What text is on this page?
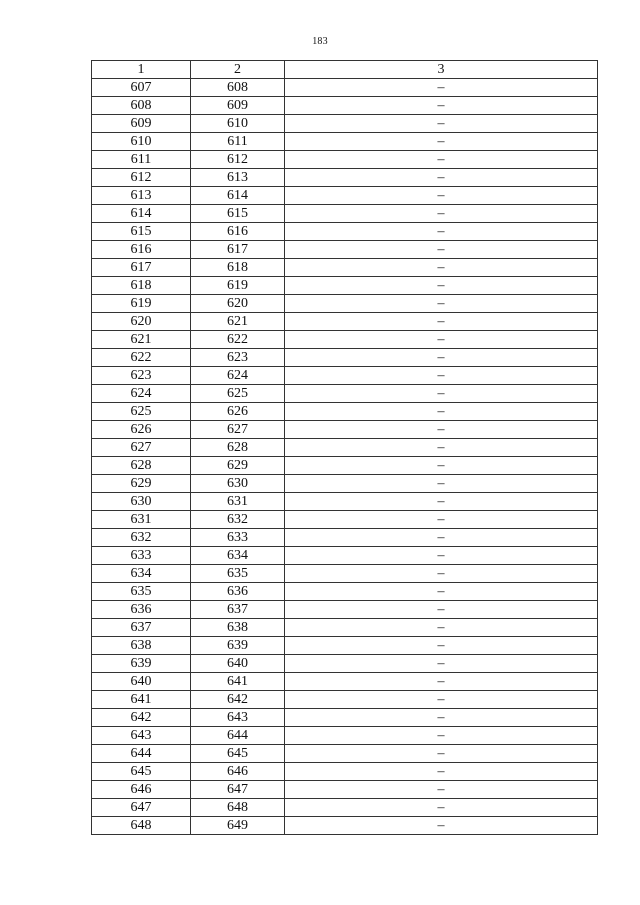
183
1	2	3
607	608	–
608	609	–
609	610	–
610	611	–
611	612	–
612	613	–
613	614	–
614	615	–
615	616	–
616	617	–
617	618	–
618	619	–
619	620	–
620	621	–
621	622	–
622	623	–
623	624	–
624	625	–
625	626	–
626	627	–
627	628	–
628	629	–
629	630	–
630	631	–
631	632	–
632	633	–
633	634	–
634	635	–
635	636	–
636	637	–
637	638	–
638	639	–
639	640	–
640	641	–
641	642	–
642	643	–
643	644	–
644	645	–
645	646	–
646	647	–
647	648	–
648	649	–
